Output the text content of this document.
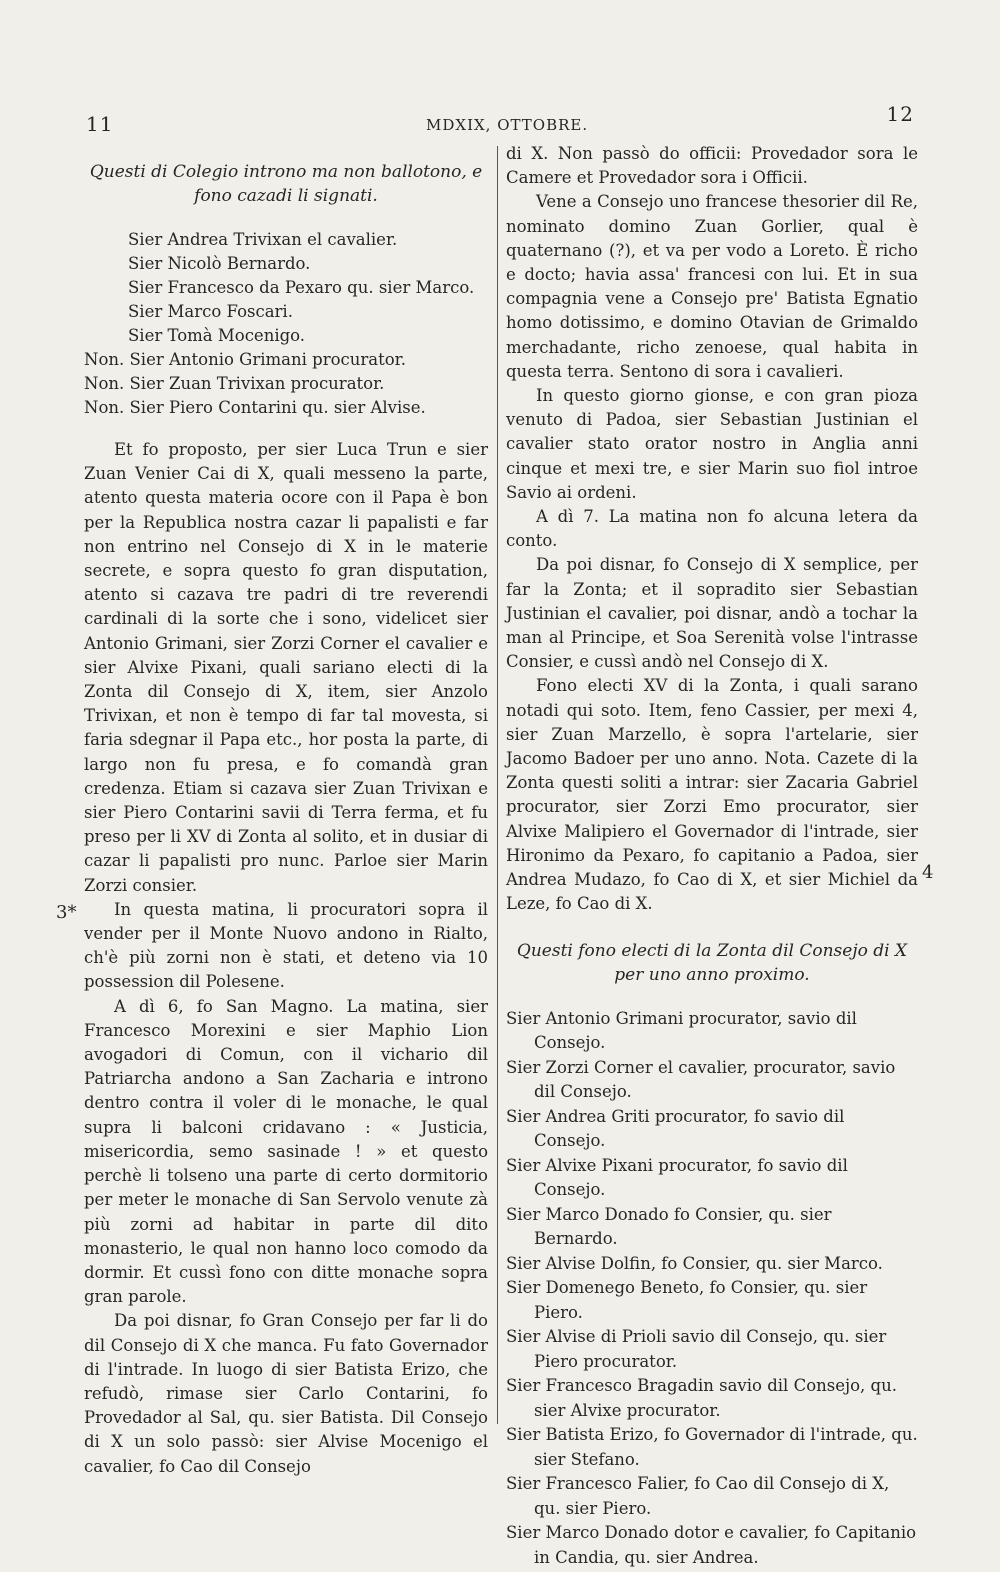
11	MDXIX, OTTOBRE.	12
Questi di Colegio introno ma non ballotono, e fono cazadi li signati.
Sier Andrea Trivixan el cavalier.
Sier Nicolò Bernardo.
Sier Francesco da Pexaro qu. sier Marco.
Sier Marco Foscari.
Sier Tomà Mocenigo.
Non. Sier Antonio Grimani procurator.
Non. Sier Zuan Trivixan procurator.
Non. Sier Piero Contarini qu. sier Alvise.

Et fo proposto, per sier Luca Trun e sier Zuan Venier Cai di X, quali messeno la parte, atento questa materia ocore con il Papa è bon per la Republica nostra cazar li papalisti e far non entrino nel Consejo di X in le materie secrete, e sopra questo fo gran disputation, atento si cazava tre padri di tre reverendi cardinali di la sorte che i sono, videlicet sier Antonio Grimani, sier Zorzi Corner el cavalier e sier Alvixe Pixani, quali sariano electi di la Zonta dil Consejo di X, item, sier Anzolo Trivixan, et non è tempo di far tal movesta, si faria sdegnar il Papa etc., hor posta la parte, di largo non fu presa, e fo comandà gran credenza. Etiam si cazava sier Zuan Trivixan e sier Piero Contarini savii di Terra ferma, et fu preso per li XV di Zonta al solito, et in dusiar di cazar li papalisti pro nunc. Parloe sier Marin Zorzi consier.

In questa matina, li procuratori sopra il vender per il Monte Nuovo andono in Rialto, ch'è più zorni non è stati, et deteno via 10 possession dil Polesene.

A dì 6, fo San Magno. La matina, sier Francesco Morexini e sier Maphio Lion avogadori di Comun, con il vichario dil Patriarcha andono a San Zacharia e introno dentro contra il voler di le monache, le qual supra li balconi cridavano : « Justicia, misericordia, semo sasinade ! » et questo perchè li tolseno una parte di certo dormitorio per meter le monache di San Servolo venute zà più zorni ad habitar in parte dil dito monasterio, le qual non hanno loco comodo da dormir. Et cussì fono con ditte monache sopra gran parole.

Da poi disnar, fo Gran Consejo per far li do dil Consejo di X che manca. Fu fato Governador di l'intrade. In luogo di sier Batista Erizo, che refudò, rimase sier Carlo Contarini, fo Provedador al Sal, qu. sier Batista. Dil Consejo di X un solo passò: sier Alvise Mocenigo el cavalier, fo Cao dil Consejo

3*

di X. Non passò do officii: Provedador sora le Camere et Provedador sora i Officii.

Vene a Consejo uno francese thesorier dil Re, nominato domino Zuan Gorlier, qual è quaternano (?), et va per vodo a Loreto. È richo e docto; havia assa' francesi con lui. Et in sua compagnia vene a Consejo pre' Batista Egnatio homo dotissimo, e domino Otavian de Grimaldo merchadante, richo zenoese, qual habita in questa terra. Sentono di sora i cavalieri.

In questo giorno gionse, e con gran pioza venuto di Padoa, sier Sebastian Justinian el cavalier stato orator nostro in Anglia anni cinque et mexi tre, e sier Marin suo fiol introe Savio ai ordeni.

A dì 7. La matina non fo alcuna letera da conto.

Da poi disnar, fo Consejo di X semplice, per far la Zonta; et il sopradito sier Sebastian Justinian el cavalier, poi disnar, andò a tochar la man al Principe, et Soa Serenità volse l'intrasse Consier, e cussì andò nel Consejo di X.

Fono electi XV di la Zonta, i quali sarano notadi qui soto. Item, feno Cassier, per mexi 4, sier Zuan Marzello, è sopra l'artelarie, sier Jacomo Badoer per uno anno. Nota. Cazete di la Zonta questi soliti a intrar: sier Zacaria Gabriel procurator, sier Zorzi Emo procurator, sier Alvixe Malipiero el Governador di l'intrade, sier Hironimo da Pexaro, fo capitanio a Padoa, sier Andrea Mudazo, fo Cao di X, et sier Michiel da Leze, fo Cao di X.

Questi fono electi di la Zonta dil Consejo di X per uno anno proximo.

Sier Antonio Grimani procurator, savio dil Consejo.

Sier Zorzi Corner el cavalier, procurator, savio dil Consejo.

Sier Andrea Griti procurator, fo savio dil Consejo.

Sier Alvixe Pixani procurator, fo savio dil Consejo.

Sier Marco Donado fo Consier, qu. sier Bernardo.

Sier Alvise Dolfin, fo Consier, qu. sier Marco.

Sier Domenego Beneto, fo Consier, qu. sier Piero.

Sier Alvise di Prioli savio dil Consejo, qu. sier Piero procurator.

Sier Francesco Bragadin savio dil Consejo, qu. sier Alvixe procurator.

Sier Batista Erizo, fo Governador di l'intrade, qu. sier Stefano.

Sier Francesco Falier, fo Cao dil Consejo di X, qu. sier Piero.

Sier Marco Donado dotor e cavalier, fo Capitanio in Candia, qu. sier Andrea.

4
